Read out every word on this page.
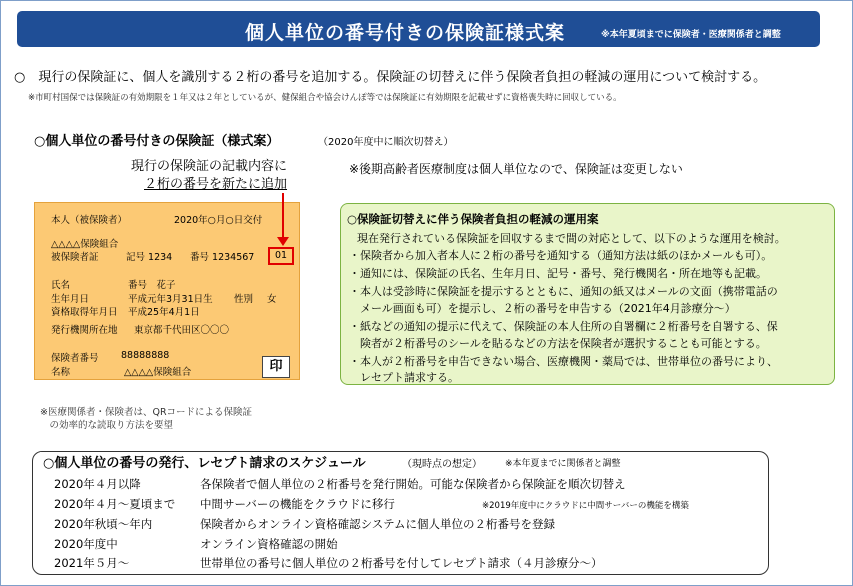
個人単位の番号付きの保険証様式案	※本年夏頃までに保険者・医療関係者と調整
○　現行の保険証に、個人を識別する２桁の番号を追加する。保険証の切替えに伴う保険者負担の軽減の運用について検討する。
※市町村国保では保険証の有効期限を１年又は２年としているが、健保組合や協会けんぽ等では保険証に有効期限を記載せずに資格喪失時に回収している。
○個人単位の番号付きの保険証（様式案）	（2020年度中に順次切替え）
現行の保険証の記載内容に
２桁の番号を新たに追加
※後期高齢者医療制度は個人単位なので、保険証は変更しない
本人（被保険者）	2020年○月○日交付
△△△△保険組合
被保険者証	記号 1234 番号 1234567	01
氏名	番号　花子
生年月日	平成元年3月31日生 性別 女
資格取得年月日 平成25年4月1日
発行機関所在地 東京都千代田区〇〇〇
保険者番号 88888888
名称	△△△△保険組合	印
○保険証切替えに伴う保険者負担の軽減の運用案
現在発行されている保険証を回収するまで間の対応として、以下のような運用を検討。
・保険者から加入者本人に２桁の番号を通知する（通知方法は紙のほかメールも可）。
・通知には、保険証の氏名、生年月日、記号・番号、発行機関名・所在地等も記載。
・本人は受診時に保険証を提示するとともに、通知の紙又はメールの文面（携帯電話の
　メール画面も可）を提示し、２桁の番号を申告する（2021年4月診療分～）
・紙などの通知の提示に代えて、保険証の本人住所の自署欄に２桁番号を自署する、保
　険者が２桁番号のシールを貼るなどの方法を保険者が選択することも可能とする。
・本人が２桁番号を申告できない場合、医療機関・薬局では、世帯単位の番号により、
　レセプト請求する。
※医療関係者・保険者は、QRコードによる保険証
　の効率的な読取り方法を要望
○個人単位の番号の発行、レセプト請求のスケジュール	（現時点の想定）	※本年夏までに関係者と調整
2020年４月以降	各保険者で個人単位の２桁番号を発行開始。可能な保険者から保険証を順次切替え
2020年４月～夏頃まで 中間サーバーの機能をクラウドに移行	※2019年度中にクラウドに中間サーバーの機能を構築
2020年秋頃～年内	保険者からオンライン資格確認システムに個人単位の２桁番号を登録
2020年度中	オンライン資格確認の開始
2021年５月～	世帯単位の番号に個人単位の２桁番号を付してレセプト請求（４月診療分～）
